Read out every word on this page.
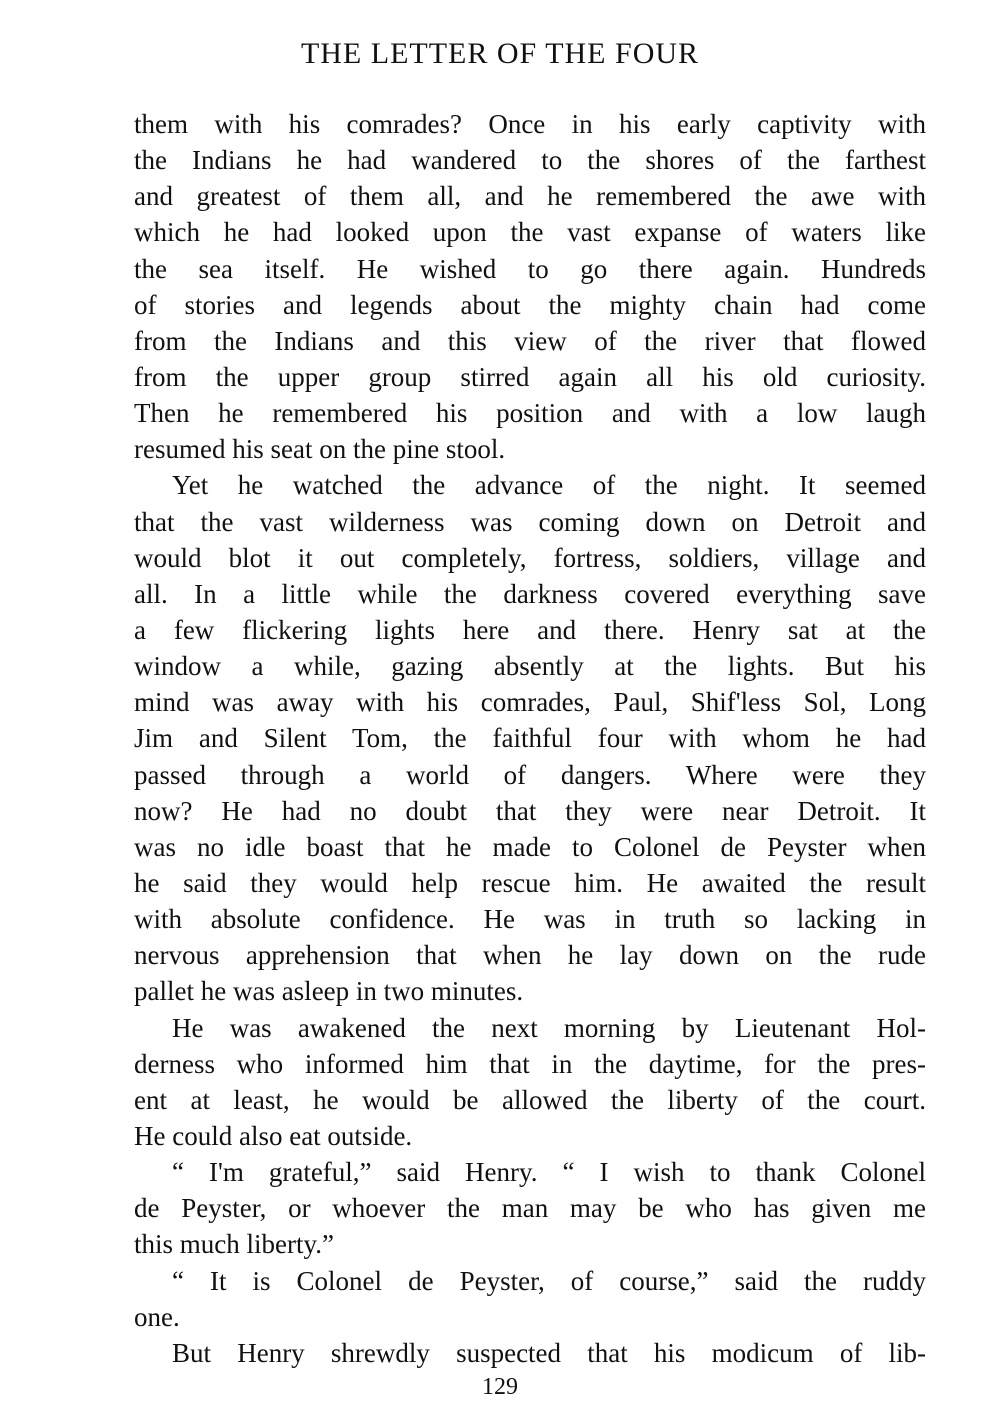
THE LETTER OF THE FOUR
them with his comrades? Once in his early captivity with
the Indians he had wandered to the shores of the farthest
and greatest of them all, and he remembered the awe with
which he had looked upon the vast expanse of waters like
the sea itself. He wished to go there again. Hundreds
of stories and legends about the mighty chain had come
from the Indians and this view of the river that flowed
from the upper group stirred again all his old curiosity.
Then he remembered his position and with a low laugh
resumed his seat on the pine stool.
Yet he watched the advance of the night. It seemed
that the vast wilderness was coming down on Detroit and
would blot it out completely, fortress, soldiers, village and
all. In a little while the darkness covered everything save
a few flickering lights here and there. Henry sat at the
window a while, gazing absently at the lights. But his
mind was away with his comrades, Paul, Shif'less Sol, Long
Jim and Silent Tom, the faithful four with whom he had
passed through a world of dangers. Where were they
now? He had no doubt that they were near Detroit. It
was no idle boast that he made to Colonel de Peyster when
he said they would help rescue him. He awaited the result
with absolute confidence. He was in truth so lacking in
nervous apprehension that when he lay down on the rude
pallet he was asleep in two minutes.
He was awakened the next morning by Lieutenant Hol-
derness who informed him that in the daytime, for the pres-
ent at least, he would be allowed the liberty of the court.
He could also eat outside.
“ I'm grateful,” said Henry. “ I wish to thank Colonel
de Peyster, or whoever the man may be who has given me
this much liberty.”
“ It is Colonel de Peyster, of course,” said the ruddy
one.
But Henry shrewdly suspected that his modicum of lib-
129
